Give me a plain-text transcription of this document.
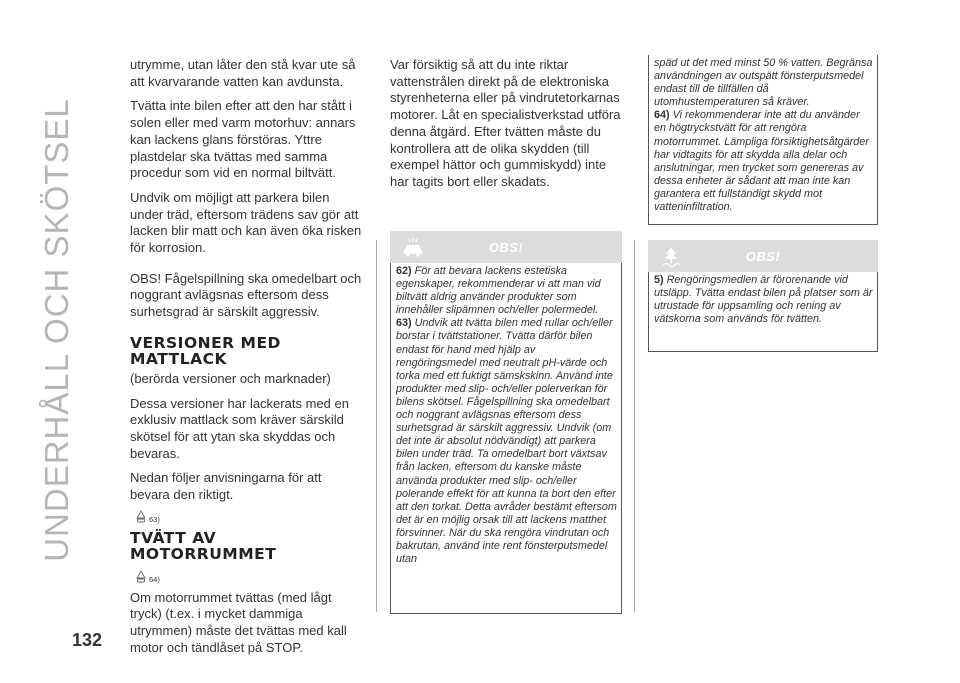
UNDERHÅLL OCH SKÖTSEL
132

utrymme, utan låter den stå kvar ute så att kvarvarande vatten kan avdunsta.

Tvätta inte bilen efter att den har stått i solen eller med varm motorhuv: annars kan lackens glans förstöras. Yttre plastdelar ska tvättas med samma procedur som vid en normal biltvätt.

Undvik om möjligt att parkera bilen under träd, eftersom trädens sav gör att lacken blir matt och kan även öka risken för korrosion.

OBS! Fågelspillning ska omedelbart och noggrant avlägsnas eftersom dess surhetsgrad är särskilt aggressiv.

VERSIONER MED MATTLACK

(berörda versioner och marknader)

Dessa versioner har lackerats med en exklusiv mattlack som kräver särskild skötsel för att ytan ska skyddas och bevaras.

Nedan följer anvisningarna för att bevara den riktigt.

63)
TVÄTT AV MOTORRUMMET
64)

Om motorrummet tvättas (med lågt tryck) (t.ex. i mycket dammiga utrymmen) måste det tvättas med kall motor och tändlåset på STOP.

Var försiktig så att du inte riktar vattenstrålen direkt på de elektroniska styrenheterna eller på vindrutetorkarnas motorer. Låt en specialistverkstad utföra denna åtgärd. Efter tvätten måste du kontrollera att de olika skydden (till exempel hättor och gummiskydd) inte har tagits bort eller skadats.

OBS!

62) För att bevara lackens estetiska egenskaper, rekommenderar vi att man vid biltvätt aldrig använder produkter som innehåller slipämnen och/eller polermedel.

63) Undvik att tvätta bilen med rullar och/eller borstar i tvättstationer. Tvätta därför bilen endast för hand med hjälp av rengöringsmedel med neutralt pH-värde och torka med ett fuktigt sämskskinn. Använd inte produkter med slip- och/eller polerverkan för bilens skötsel. Fågelspillning ska omedelbart och noggrant avlägsnas eftersom dess surhetsgrad är särskilt aggressiv. Undvik (om det inte är absolut nödvändigt) att parkera bilen under träd. Ta omedelbart bort växtsav från lacken, eftersom du kanske måste använda produkter med slip- och/eller polerande effekt för att kunna ta bort den efter att den torkat. Detta avråder bestämt eftersom det är en möjlig orsak till att lackens matthet försvinner. När du ska rengöra vindrutan och bakrutan, använd inte rent fönsterputsmedel utan

späd ut det med minst 50 % vatten. Begränsa användningen av outspätt fönsterputsmedel endast till de tillfällen då utomhustemperaturen så kräver.

64) Vi rekommenderar inte att du använder en högtryckstvätt för att rengöra motorrummet. Lämpliga försiktighetsåtgärder har vidtagits för att skydda alla delar och anslutningar, men trycket som genereras av dessa enheter är sådant att man inte kan garantera ett fullständigt skydd mot vatteninfiltration.

OBS!

5) Rengöringsmedlen är förorenande vid utsläpp. Tvätta endast bilen på platser som är utrustade för uppsamling och rening av vätskorna som används för tvätten.
